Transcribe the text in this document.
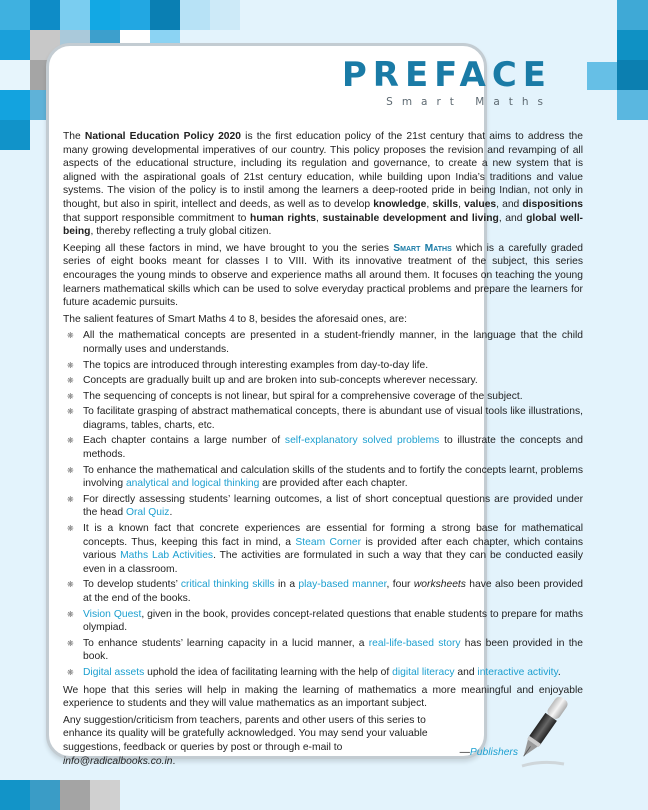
PREFACE
Smart Maths

The National Education Policy 2020 is the first education policy of the 21st century that aims to address the many growing developmental imperatives of our country. This policy proposes the revision and revamping of all aspects of the educational structure, including its regulation and governance, to create a new system that is aligned with the aspirational goals of 21st century education, while building upon India’s traditions and value systems. The vision of the policy is to instil among the learners a deep-rooted pride in being Indian, not only in thought, but also in spirit, intellect and deeds, as well as to develop knowledge, skills, values, and dispositions that support responsible commitment to human rights, sustainable development and living, and global well-being, thereby reflecting a truly global citizen.

Keeping all these factors in mind, we have brought to you the series Smart Maths which is a carefully graded series of eight books meant for classes I to VIII. With its innovative treatment of the subject, this series encourages the young minds to observe and experience maths all around them. It focuses on teaching the young learners mathematical skills which can be used to solve everyday practical problems and prepare the learners for future academic pursuits.

The salient features of Smart Maths 4 to 8, besides the aforesaid ones, are:

❋ All the mathematical concepts are presented in a student-friendly manner, in the language that the child normally uses and understands.
❋ The topics are introduced through interesting examples from day-to-day life.
❋ Concepts are gradually built up and are broken into sub-concepts wherever necessary.
❋ The sequencing of concepts is not linear, but spiral for a comprehensive coverage of the subject.
❋ To facilitate grasping of abstract mathematical concepts, there is abundant use of visual tools like illustrations, diagrams, tables, charts, etc.
❋ Each chapter contains a large number of self-explanatory solved problems to illustrate the concepts and methods.
❋ To enhance the mathematical and calculation skills of the students and to fortify the concepts learnt, problems involving analytical and logical thinking are provided after each chapter.
❋ For directly assessing students’ learning outcomes, a list of short conceptual questions are provided under the head Oral Quiz.
❋ It is a known fact that concrete experiences are essential for forming a strong base for mathematical concepts. Thus, keeping this fact in mind, a Steam Corner is provided after each chapter, which contains various Maths Lab Activities. The activities are formulated in such a way that they can be conducted easily even in a classroom.
❋ To develop students’ critical thinking skills in a play-based manner, four worksheets have also been provided at the end of the books.
❋ Vision Quest, given in the book, provides concept-related questions that enable students to prepare for maths olympiad.
❋ To enhance students’ learning capacity in a lucid manner, a real-life-based story has been provided in the book.
❋ Digital assets uphold the idea of facilitating learning with the help of digital literacy and interactive activity.

We hope that this series will help in making the learning of mathematics a more meaningful and enjoyable experience to students and they will value mathematics as an important subject.

Any suggestion/criticism from teachers, parents and other users of this series to enhance its quality will be gratefully acknowledged. You may send your valuable suggestions, feedback or queries by post or through e-mail to info@radicalbooks.co.in.

—Publishers
